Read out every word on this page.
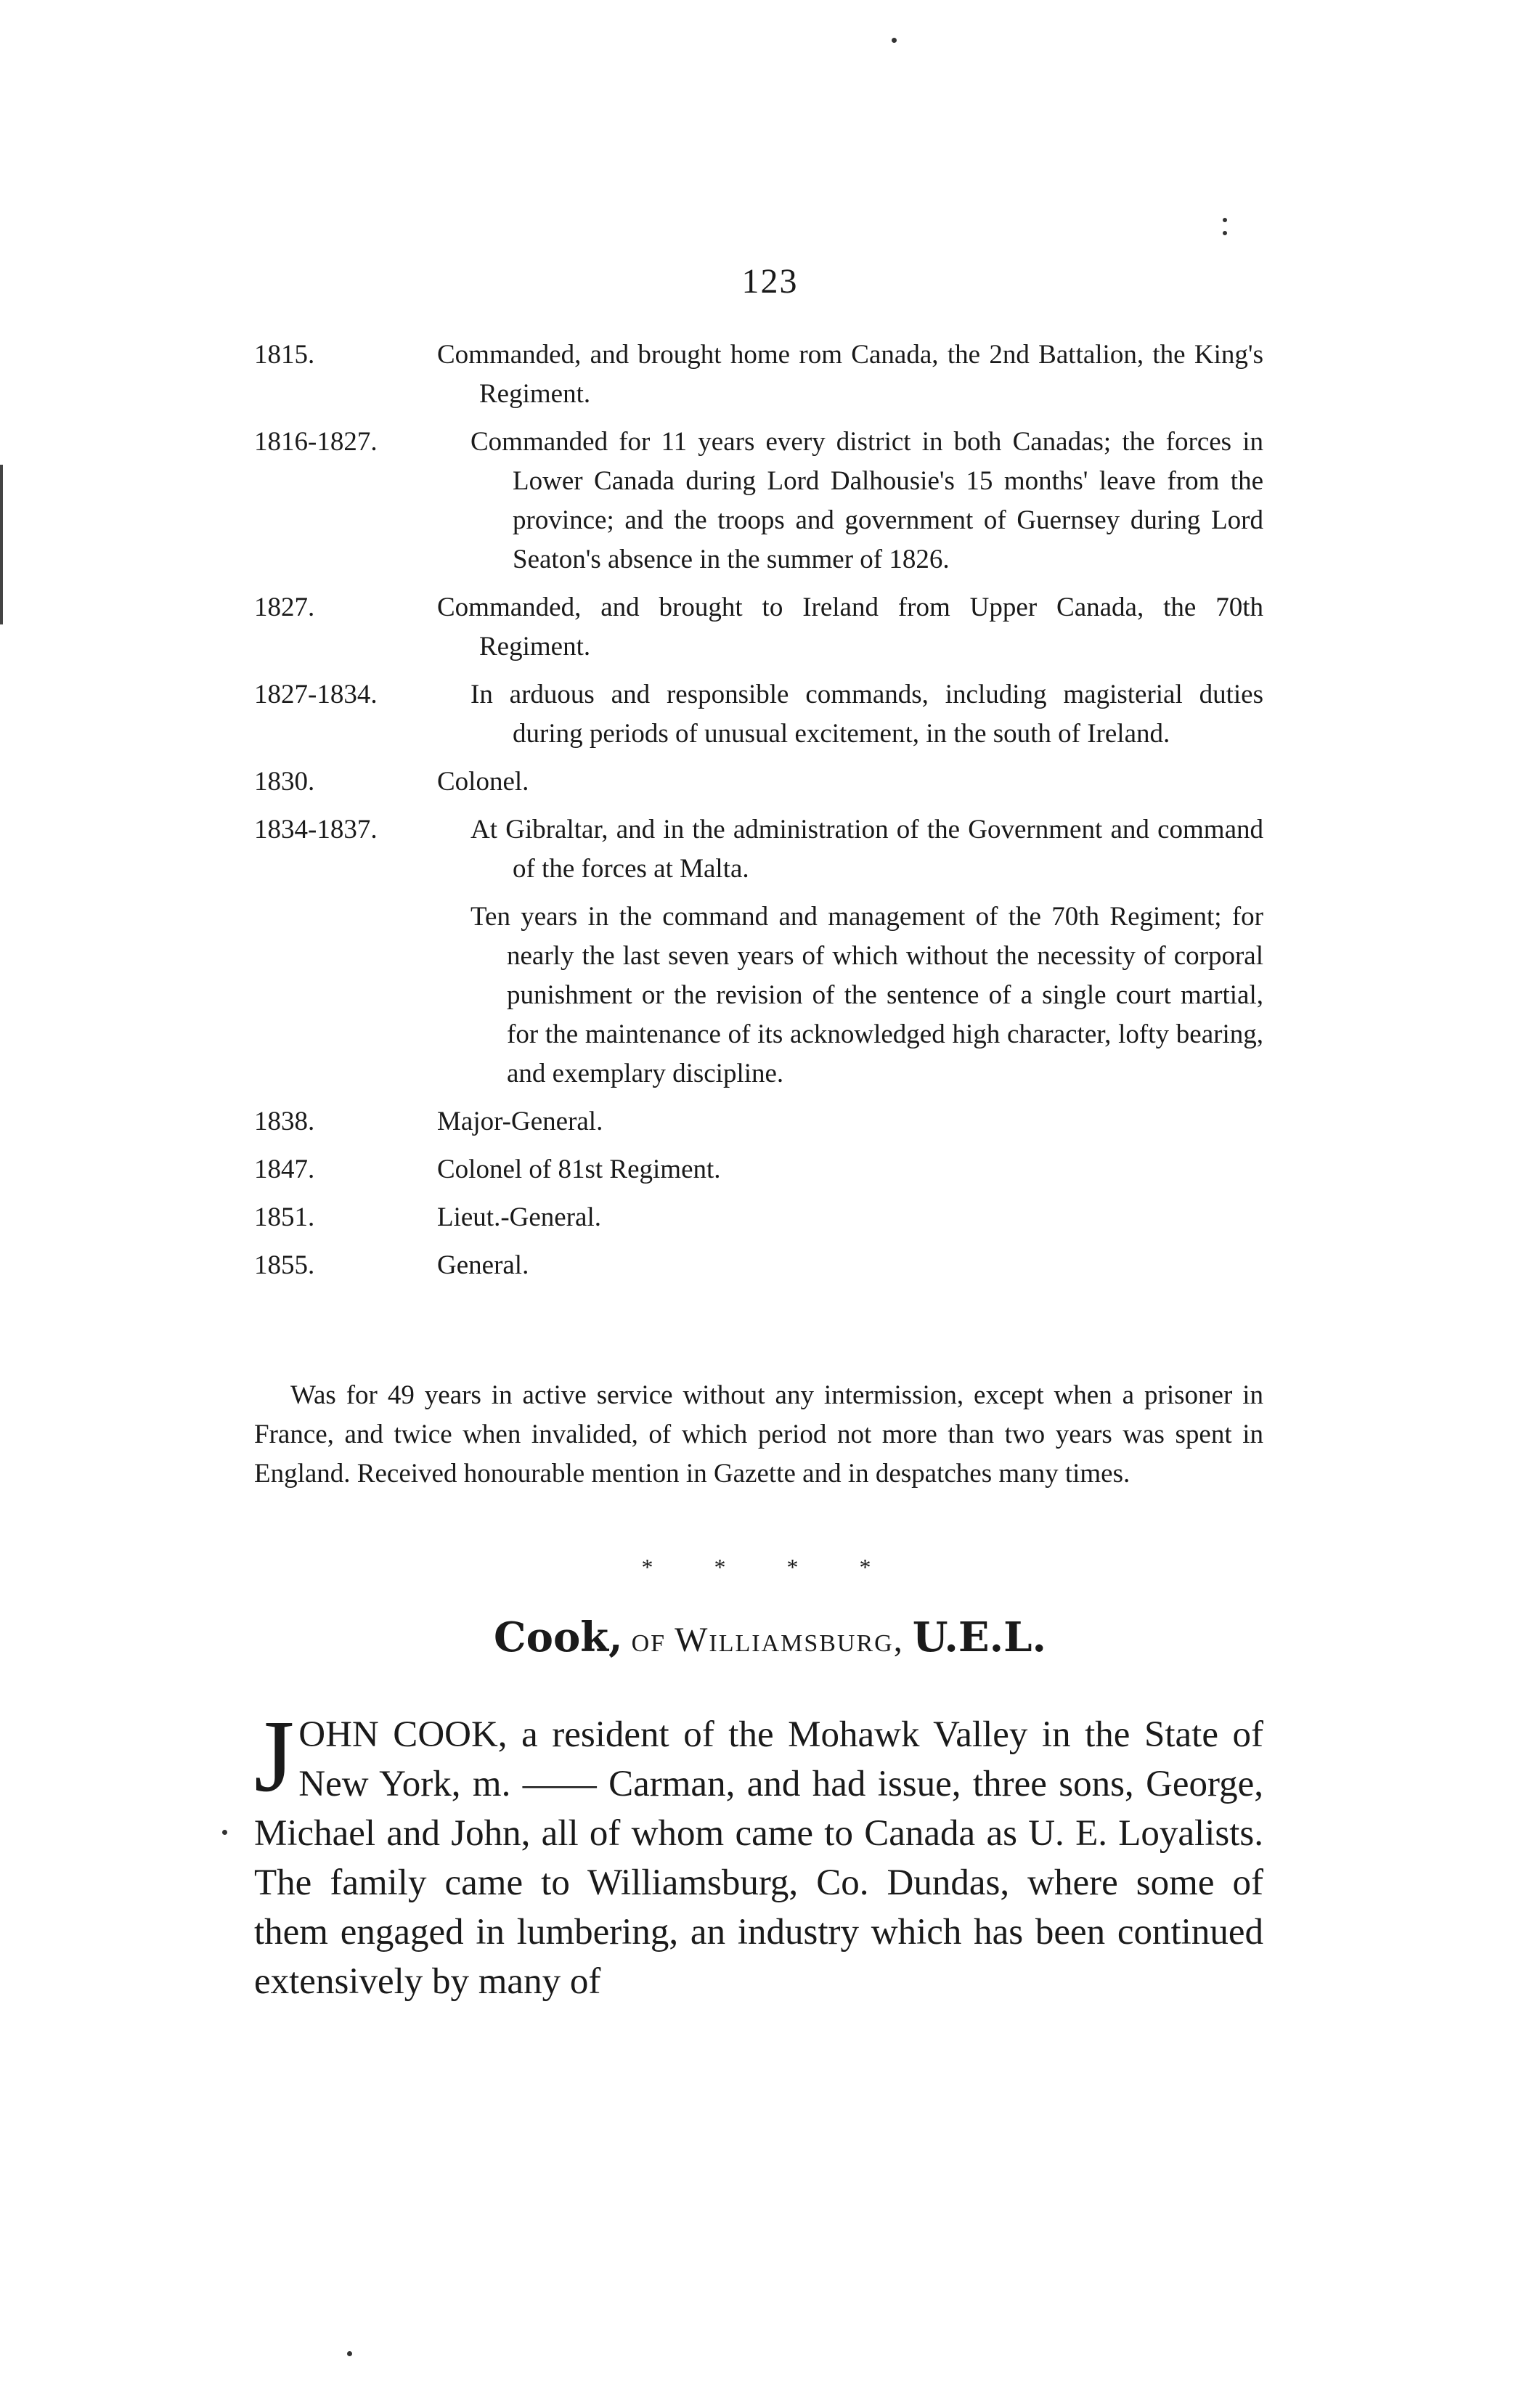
123
1815.	Commanded, and brought home rom Canada, the 2nd Battalion, the King's Regiment.
1816-1827.	Commanded for 11 years every district in both Canadas; the forces in Lower Canada during Lord Dalhousie's 15 months' leave from the province; and the troops and government of Guernsey during Lord Seaton's absence in the summer of 1826.
1827.	Commanded, and brought to Ireland from Upper Canada, the 70th Regiment.
1827-1834.	In arduous and responsible commands, including magisterial duties during periods of unusual excitement, in the south of Ireland.
1830.	Colonel.
1834-1837.	At Gibraltar, and in the administration of the Government and command of the forces at Malta.
Ten years in the command and management of the 70th Regiment; for nearly the last seven years of which without the necessity of corporal punishment or the revision of the sentence of a single court martial, for the maintenance of its acknowledged high character, lofty bearing, and exemplary discipline.
1838.	Major-General.
1847.	Colonel of 81st Regiment.
1851.	Lieut.-General.
1855.	General.
Was for 49 years in active service without any intermission, except when a prisoner in France, and twice when invalided, of which period not more than two years was spent in England. Received honourable mention in Gazette and in despatches many times.
* * * *
Cook, of Williamsburg, U.E.L.
JOHN COOK, a resident of the Mohawk Valley in the State of New York, m. —— Carman, and had issue, three sons, George, Michael and John, all of whom came to Canada as U. E. Loyalists. The family came to Williamsburg, Co. Dundas, where some of them engaged in lumbering, an industry which has been continued extensively by many of
